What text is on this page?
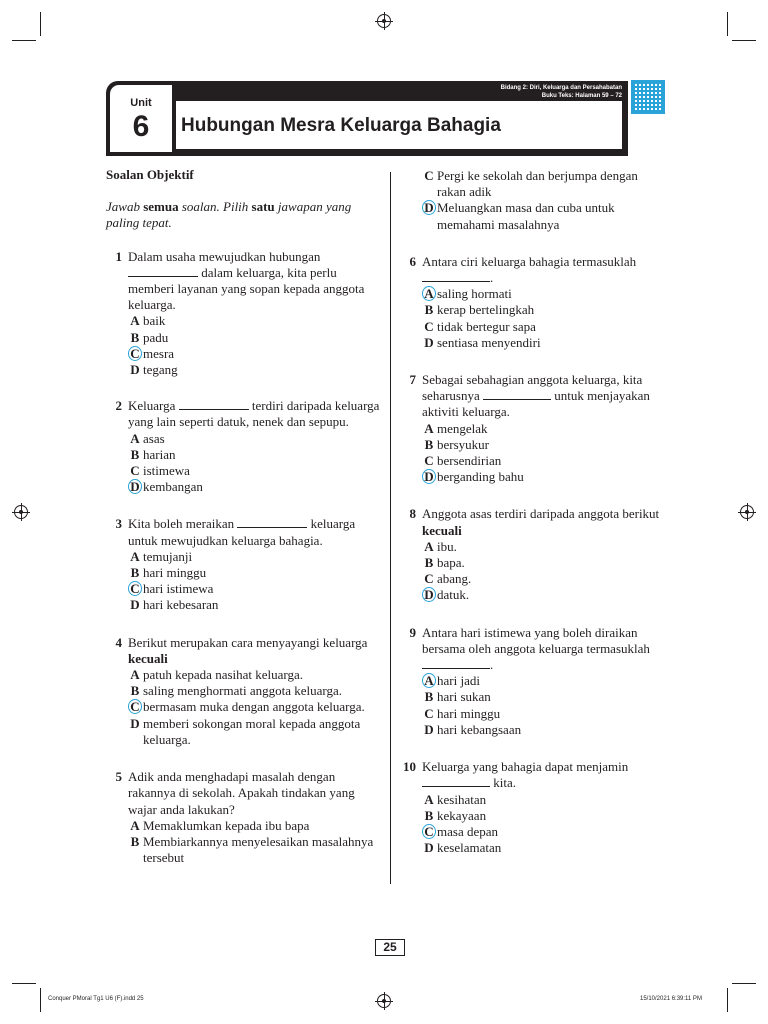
Unit
6
Bidang 2: Diri, Keluarga dan Persahabatan
Buku Teks: Halaman 59 – 72
Hubungan Mesra Keluarga Bahagia
Soalan Objektif
Jawab semua soalan. Pilih satu jawapan yang paling tepat.
1 Dalam usaha mewujudkan hubungan  dalam keluarga, kita perlu memberi layanan yang sopan kepada anggota keluarga.
A baik
B padu
C mesra
D tegang
2 Keluarga	terdiri daripada keluarga yang lain seperti datuk, nenek dan sepupu.
A asas
B harian
C istimewa
D kembangan
3 Kita boleh meraikan	keluarga untuk mewujudkan keluarga bahagia.
A temujanji
B hari minggu
C hari istimewa
D hari kebesaran
4 Berikut merupakan cara menyayangi keluarga
kecuali
A patuh kepada nasihat keluarga.
B saling menghormati anggota keluarga.
C bermasam muka dengan anggota keluarga.
D memberi sokongan moral kepada anggota keluarga.
5 Adik anda menghadapi masalah dengan rakannya di sekolah. Apakah tindakan yang wajar anda lakukan?
A Memaklumkan kepada ibu bapa
B Membiarkannya menyelesaikan masalahnya tersebut
C Pergi ke sekolah dan berjumpa dengan rakan adik
D Meluangkan masa dan cuba untuk memahami masalahnya
6 Antara ciri keluarga bahagia termasuklah
.
A saling hormati
B kerap bertelingkah
C tidak bertegur sapa
D sentiasa menyendiri
7 Sebagai sebahagian anggota keluarga, kita seharusnya	untuk menjayakan aktiviti keluarga.
A mengelak
B bersyukur
C bersendirian
D berganding bahu
8 Anggota asas terdiri daripada anggota berikut
kecuali
A ibu.
B bapa.
C abang.
D datuk.
9 Antara hari istimewa yang boleh diraikan bersama oleh anggota keluarga termasuklah
.
A hari jadi
B hari sukan
C hari minggu
D hari kebangsaan
10 Keluarga yang bahagia dapat menjamin  kita.
A kesihatan
B kekayaan
C masa depan
D keselamatan
25
Conquer PMoral Tg1 U6 (F).indd 25	15/10/2021 6:39:11 PM
